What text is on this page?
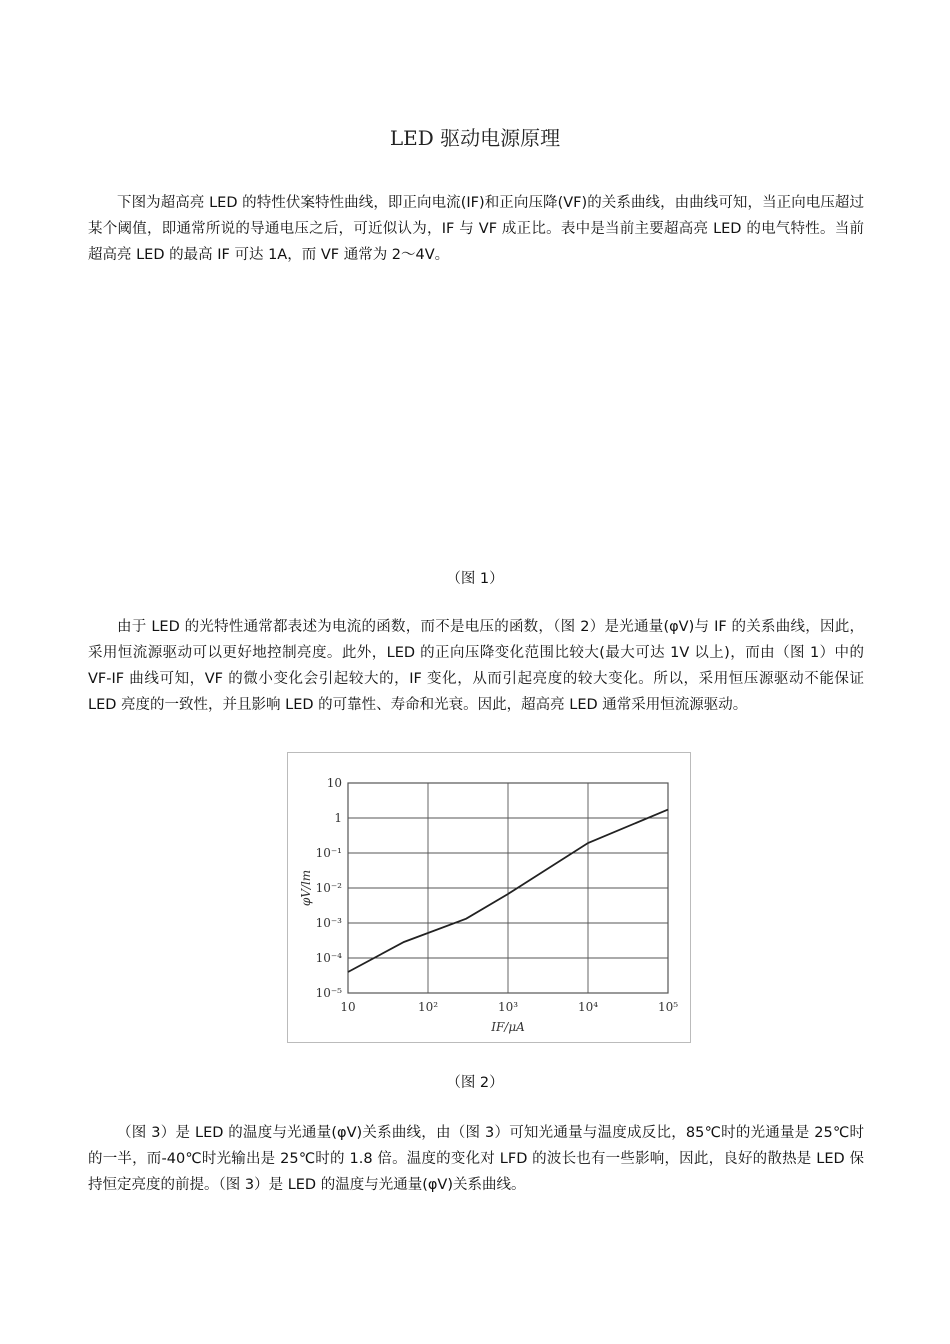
LED 驱动电源原理

下图为超高亮 LED 的特性伏案特性曲线，即正向电流(IF)和正向压降(VF)的关系曲线，由曲线可知，当正向电压超过某个阈值，即通常所说的导通电压之后，可近似认为，IF 与 VF 成正比。表中是当前主要超高亮 LED 的电气特性。当前超高亮 LED 的最高 IF 可达 1A，而 VF 通常为 2～4V。

（图 1）

由于 LED 的光特性通常都表述为电流的函数，而不是电压的函数，（图 2）是光通量(φV)与 IF 的关系曲线，因此，采用恒流源驱动可以更好地控制亮度。此外，LED 的正向压降变化范围比较大(最大可达 1V 以上)，而由（图 1）中的 VF-IF 曲线可知，VF 的微小变化会引起较大的，IF 变化，从而引起亮度的较大变化。所以，采用恒压源驱动不能保证 LED 亮度的一致性，并且影响 LED 的可靠性、寿命和光衰。因此，超高亮 LED 通常采用恒流源驱动。

10
1
10⁻¹
10⁻²
10⁻³
10⁻⁴
10⁻⁵
10	10²	10³	10⁴	10⁵
IF/μA
φV/lm
（图 2）

（图 3）是 LED 的温度与光通量(φV)关系曲线，由（图 3）可知光通量与温度成反比，85℃时的光通量是 25℃时的一半，而-40℃时光输出是 25℃时的 1.8 倍。温度的变化对 LFD 的波长也有一些影响，因此，良好的散热是 LED 保持恒定亮度的前提。（图 3）是 LED 的温度与光通量(φV)关系曲线。
